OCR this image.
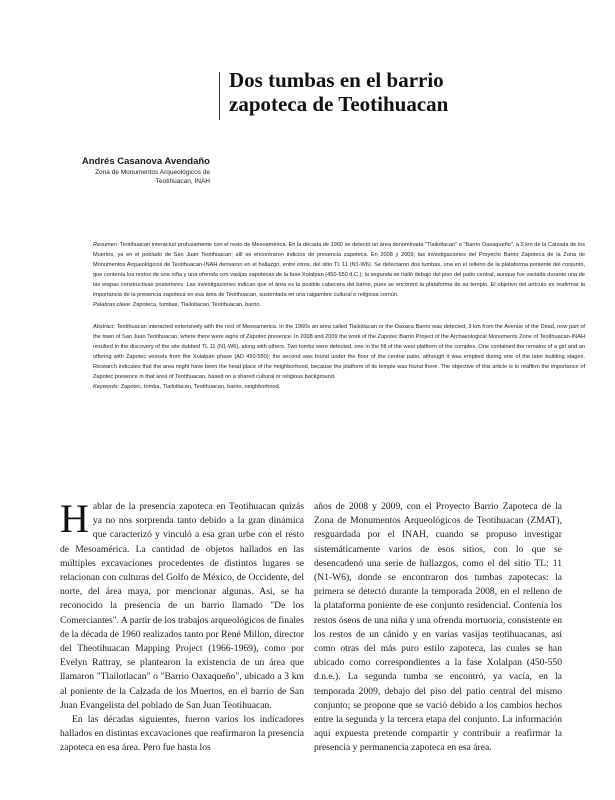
Dos tumbas en el barrio
zapoteca de Teotihuacan
Andrés Casanova Avendaño
Zona de Monumentos Arqueológicos de
Teotihuacan, INAH
Resumen: Teotihuacan interactuó profusamente con el resto de Mesoamérica. En la década de 1960 se detectó un área denominada "Tlailotlacan" o "Barrio Oaxaqueño", a 3 km de la Calzada de los Muertos, ya en el poblado de San Juan Teotihuacan; allí se encontraron indicios de presencia zapoteca. En 2008 y 2009, las investigaciones del Proyecto Barrio Zapoteca de la Zona de Monumentos Arqueológicos de Teotihuacan-INAH derivaron en el hallazgo, entre otros, del sitio TL 11 (N1-W6). Se detectaron dos tumbas, una en el relleno de la plataforma poniente del conjunto, que contenía los restos de una niña y una ofrenda con vasijas zapotecas de la fase Xolalpan (450-550 d.C.); la segunda se halló debajo del piso del patio central, aunque fue vaciada durante una de las etapas constructivas posteriores. Las investigaciones indican que el área es la posible cabecera del barrio, pues se encontró la plataforma de su templo. El objetivo del artículo es reafirmar la importancia de la presencia zapoteca en esa área de Teotihuacan, sustentada en una raigambre cultural o religiosa común.
Palabras clave: Zapoteca, tumbas, Tlailotlacan, Teotihuacan, barrio.
Abstract: Teotihuacan interacted extensively with the rest of Mesoamerica. In the 1960s an area called Tlailotlacan or the Oaxaca Barrio was detected, 3 km from the Avenue of the Dead, now part of the town of San Juan Teotihuacan, where there were signs of Zapotec presence. In 2008 and 2009 the work of the Zapotec Barrio Project of the Archaeological Monuments Zone of Teotihuacan-INAH resulted in the discovery of the site dubbed TL 11 (N1-W6), along with others. Two tombs were detected, one in the fill of the west platform of the complex. One contained the remains of a girl and an offering with Zapotec vessels from the Xolalpan phase (AD 450-550); the second was found under the floor of the central patio, although it was emptied during one of the later building stages. Research indicates that the area might have been the head place of the neighborhood, because the platform of its temple was found there. The objective of this article is to reaffirm the importance of Zapotec presence in that area of Teotihuacan, based on a shared cultural or religious background.
Keywords: Zapotec, tomba, Tlailotlacan, Teotihuacan, barrio, neighborhood.

Hablar de la presencia zapoteca en Teotihuacan quizás ya no nos sorprenda tanto debido a la gran dinámica que caracterizó y vinculó a esa gran urbe con el resto de Mesoamérica. La cantidad de objetos hallados en las múltiples excavaciones procedentes de distintos lugares se relacionan con culturas del Golfo de México, de Occidente, del norte, del área maya, por mencionar algunas. Así, se ha reconocido la presencia de un barrio llamado "De los Comerciantes". A partir de los trabajos arqueológicos de finales de la década de 1960 realizados tanto por René Millon, director del Theotihuacan Mapping Project (1966-1969), como por Evelyn Rattray, se plantearon la existencia de un área que llamaron "Tlailotlacan" o "Barrio Oaxaqueño", ubicado a 3 km al poniente de la Calzada de los Muertos, en el barrio de San Juan Evangelista del poblado de San Juan Teotihuacan.

En las décadas siguientes, fueron varios los indicadores hallados en distintas excavaciones que reafirmaron la presencia zapoteca en esa área. Pero fue hasta los

años de 2008 y 2009, con el Proyecto Barrio Zapoteca de la Zona de Monumentos Arqueológicos de Teotihuacan (ZMAT), resguardada por el INAH, cuando se propuso investigar sistemáticamente varios de esos sitios, con lo que se desencadenó una serie de hallazgos, como el del sitio TL: 11 (N1-W6), donde se encontraron dos tumbas zapotecas: la primera se detectó durante la temporada 2008, en el relleno de la plataforma poniente de ese conjunto residencial. Contenía los restos óseos de una niña y una ofrenda mortuoria, consistente en los restos de un cánido y en varias vasijas teotihuacanas, así como otras del más puro estilo zapoteca, las cuales se han ubicado como correspondientes a la fase Xolalpan (450-550 d.n.e.). La segunda tumba se encontró, ya vacía, en la temporada 2009, debajo del piso del patio central del mismo conjunto; se propone que se vació debido a los cambios hechos entre la segunda y la tercera etapa del conjunto. La información aquí expuesta pretende compartir y contribuir a reafirmar la presencia y permanencia zapoteca en esa área.
